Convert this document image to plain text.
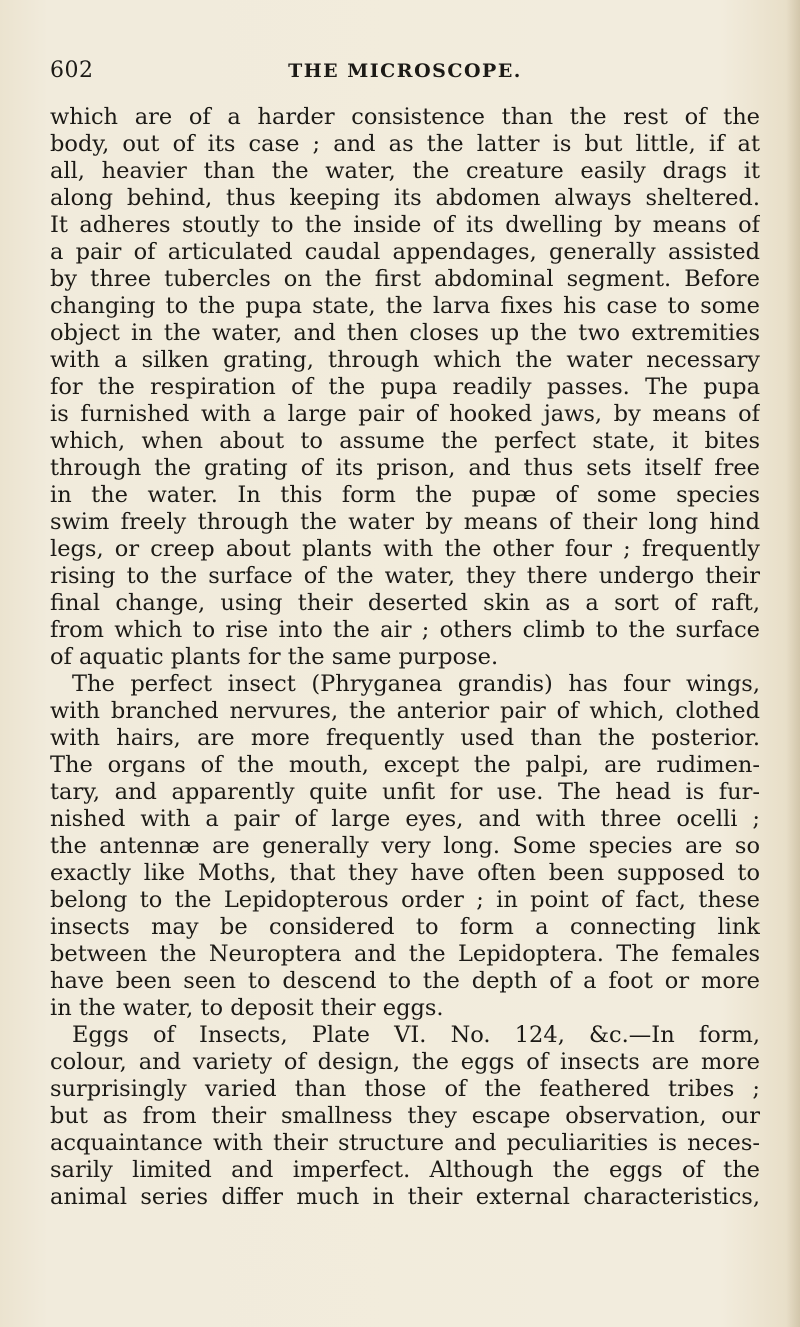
602	THE MICROSCOPE.
which are of a harder consistence than the rest of the
body, out of its case ; and as the latter is but little, if at
all, heavier than the water, the creature easily drags it
along behind, thus keeping its abdomen always sheltered.
It adheres stoutly to the inside of its dwelling by means of
a pair of articulated caudal appendages, generally assisted
by three tubercles on the first abdominal segment. Before
changing to the pupa state, the larva fixes his case to some
object in the water, and then closes up the two extremities
with a silken grating, through which the water necessary
for the respiration of the pupa readily passes. The pupa
is furnished with a large pair of hooked jaws, by means of
which, when about to assume the perfect state, it bites
through the grating of its prison, and thus sets itself free
in the water. In this form the pupæ of some species
swim freely through the water by means of their long hind
legs, or creep about plants with the other four ; frequently
rising to the surface of the water, they there undergo their
final change, using their deserted skin as a sort of raft,
from which to rise into the air ; others climb to the surface
of aquatic plants for the same purpose.
The perfect insect (Phryganea grandis) has four wings,
with branched nervures, the anterior pair of which, clothed
with hairs, are more frequently used than the posterior.
The organs of the mouth, except the palpi, are rudimen-
tary, and apparently quite unfit for use. The head is fur-
nished with a pair of large eyes, and with three ocelli ;
the antennæ are generally very long. Some species are so
exactly like Moths, that they have often been supposed to
belong to the Lepidopterous order ; in point of fact, these
insects may be considered to form a connecting link
between the Neuroptera and the Lepidoptera. The females
have been seen to descend to the depth of a foot or more
in the water, to deposit their eggs.
Eggs of Insects, Plate VI. No. 124, &c.—In form,
colour, and variety of design, the eggs of insects are more
surprisingly varied than those of the feathered tribes ;
but as from their smallness they escape observation, our
acquaintance with their structure and peculiarities is neces-
sarily limited and imperfect. Although the eggs of the
animal series differ much in their external characteristics,
